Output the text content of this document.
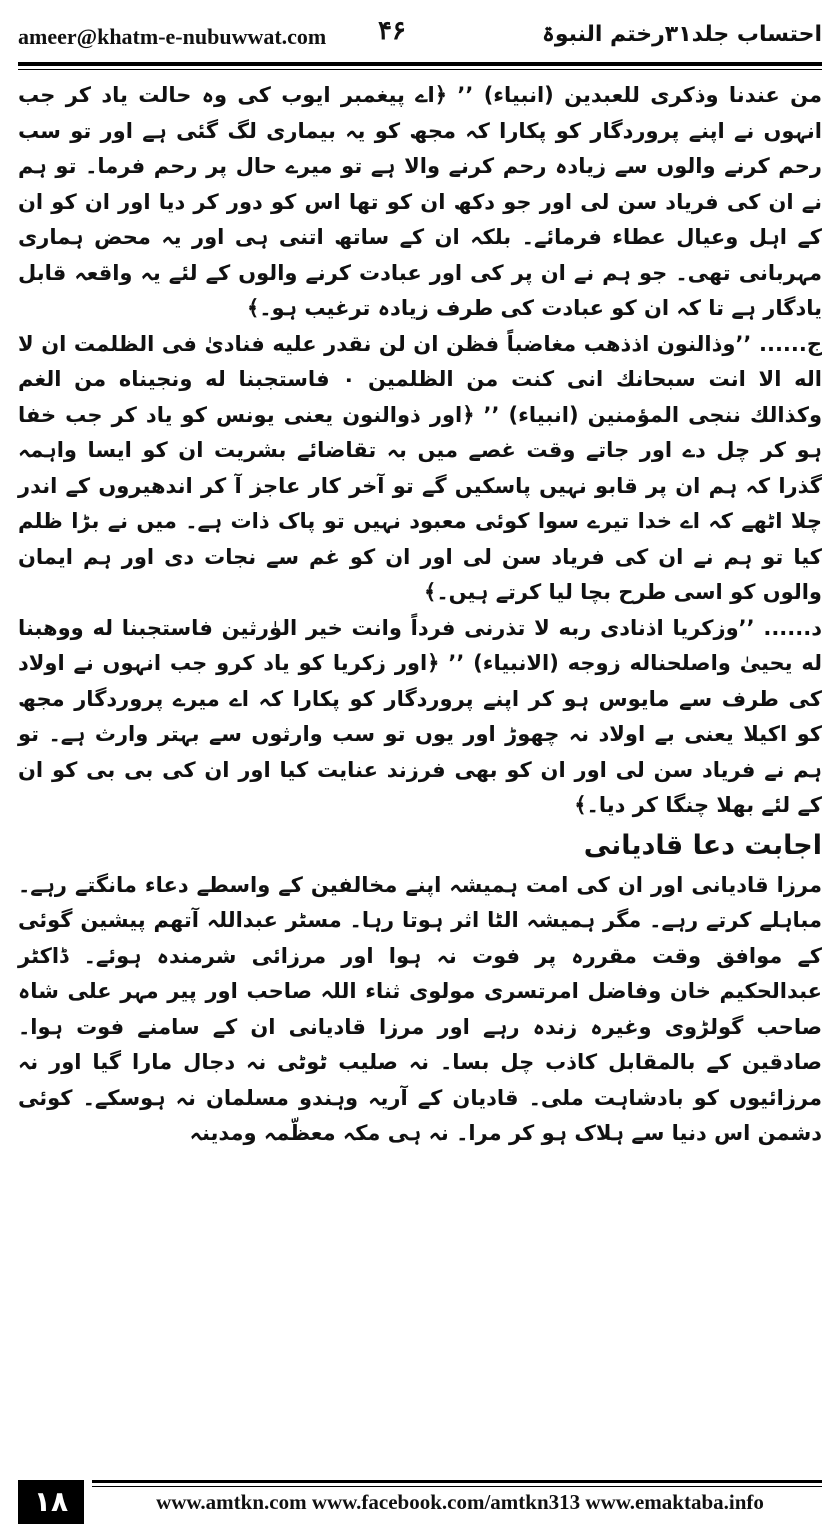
ameer@khatm-e-nubuwwat.com ۴۶	احتساب جلد۳۱رختم النبوۃ

من عندنا وذکری للعبدین (انبیاء) ’’ ﴿اے پیغمبر ایوب کی وہ حالت یاد کر جب انہوں نے اپنے پروردگار کو پکارا کہ مجھ کو یہ بیماری لگ گئی ہے اور تو سب رحم کرنے والوں سے زیادہ رحم کرنے والا ہے تو میرے حال پر رحم فرما۔ تو ہم نے ان کی فریاد سن لی اور جو دکھ ان کو تھا اس کو دور کر دیا اور ان کو ان کے اہل وعیال عطاء فرمائے۔ بلکہ ان کے ساتھ اتنی ہی اور یہ محض ہماری مہربانی تھی۔ جو ہم نے ان پر کی اور عبادت کرنے والوں کے لئے یہ واقعہ قابل یادگار ہے تا کہ ان کو عبادت کی طرف زیادہ ترغیب ہو۔﴾

ج...... ’’وذالنون اذذهب مغاضباً فظن ان لن نقدر علیه فنادیٰ فی الظلمت ان لا اله الا انت سبحانك انی كنت من الظلمین ۰ فاستجبنا له ونجیناه من الغم وكذالك ننجی المؤمنین (انبیاء) ’’ ﴿اور ذوالنون یعنی یونس کو یاد کر جب خفا ہو کر چل دے اور جاتے وقت غصے میں بہ تقاضائے بشریت ان کو ایسا واہمہ گذرا کہ ہم ان پر قابو نہیں پاسکیں گے تو آخر کار عاجز آ کر اندھیروں کے اندر چلا اٹھے کہ اے خدا تیرے سوا کوئی معبود نہیں تو پاک ذات ہے۔ میں نے بڑا ظلم کیا تو ہم نے ان کی فریاد سن لی اور ان کو غم سے نجات دی اور ہم ایمان والوں کو اسی طرح بچا لیا کرتے ہیں۔﴾

د...... ’’وزكریا اذنادی ربه لا تذرنی فرداً وانت خیر الوٰرثین فاستجبنا له ووهبنا له یحییٰ واصلحناله زوجه (الانبیاء) ’’ ﴿اور زکریا کو یاد کرو جب انہوں نے اولاد کی طرف سے مایوس ہو کر اپنے پروردگار کو پکارا کہ اے میرے پروردگار مجھ کو اکیلا یعنی بے اولاد نہ چھوڑ اور یوں تو سب وارثوں سے بہتر وارث ہے۔ تو ہم نے فریاد سن لی اور ان کو بھی فرزند عنایت کیا اور ان کی بی بی کو ان کے لئے بھلا چنگا کر دیا۔﴾

اجابت دعا قادیانی

مرزا قادیانی اور ان کی امت ہمیشہ اپنے مخالفین کے واسطے دعاء مانگتے رہے۔ مباہلے کرتے رہے۔ مگر ہمیشہ الٹا اثر ہوتا رہا۔ مسٹر عبداللہ آتھم پیشین گوئی کے موافق وقت مقررہ پر فوت نہ ہوا اور مرزائی شرمندہ ہوئے۔ ڈاکٹر عبدالحکیم خان وفاضل امرتسری مولوی ثناء اللہ صاحب اور پیر مہر علی شاہ صاحب گولڑوی وغیرہ زندہ رہے اور مرزا قادیانی ان کے سامنے فوت ہوا۔ صادقین کے بالمقابل کاذب چل بسا۔ نہ صلیب ٹوٹی نہ دجال مارا گیا اور نہ مرزائیوں کو بادشاہت ملی۔ قادیان کے آریہ وہندو مسلمان نہ ہوسکے۔ کوئی دشمن اس دنیا سے ہلاک ہو کر مرا۔ نہ ہی مکہ معظّمہ ومدینہ

۱۸	www.amtkn.com www.facebook.com/amtkn313 www.emaktaba.info
